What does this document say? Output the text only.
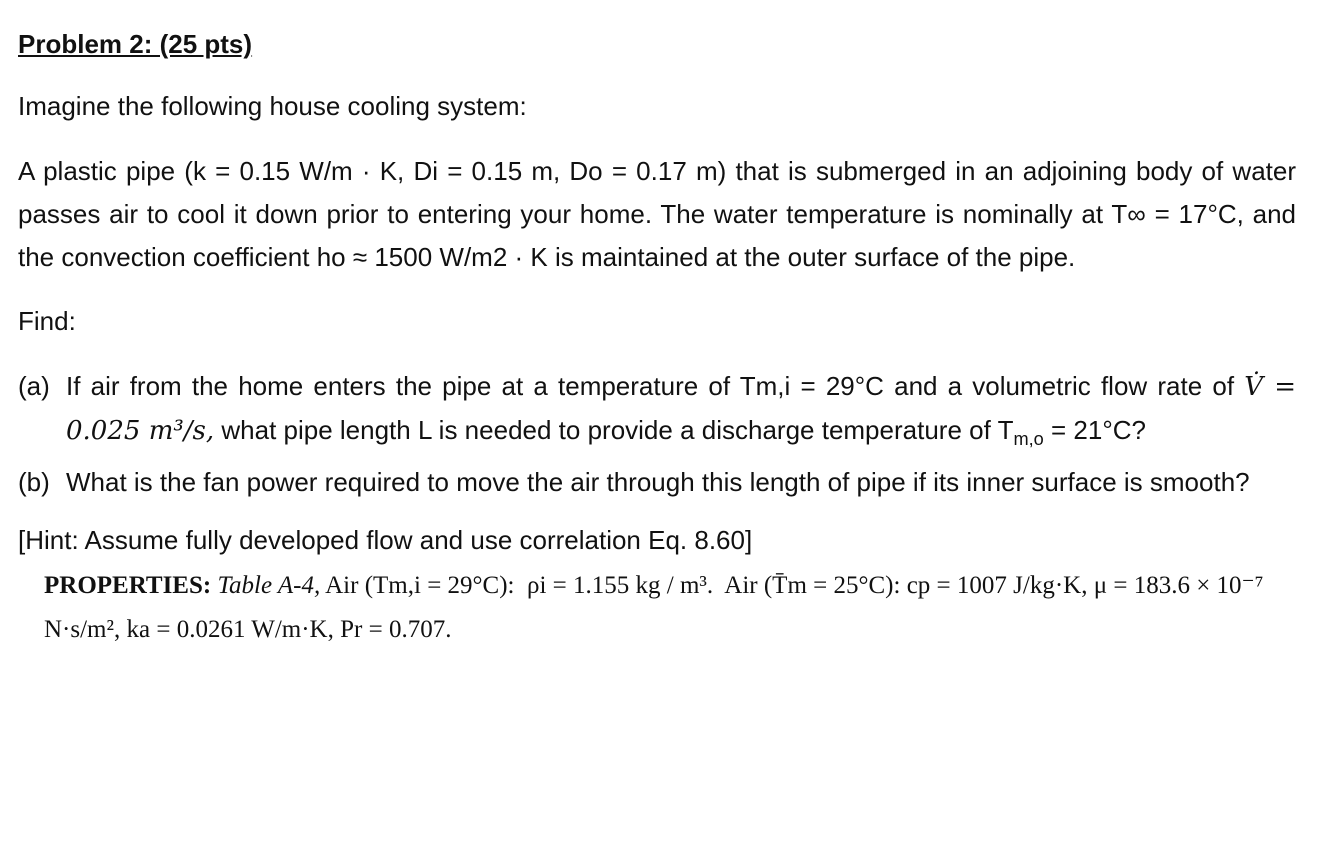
Problem 2: (25 pts)

Imagine the following house cooling system:

A plastic pipe (k = 0.15 W/m · K, Di = 0.15 m, Do = 0.17 m) that is submerged in an adjoining body of water passes air to cool it down prior to entering your home. The water temperature is nominally at T∞ = 17°C, and the convection coefficient ho ≈ 1500 W/m2 · K is maintained at the outer surface of the pipe.

Find:

(a) If air from the home enters the pipe at a temperature of Tm,i = 29°C and a volumetric flow rate of V̇ = 0.025 m³/s, what pipe length L is needed to provide a discharge temperature of $T_{m,o} = 21^\circ C$?
(b) What is the fan power required to move the air through this length of pipe if its inner surface is smooth?

[Hint: Assume fully developed flow and use correlation Eq. 8.60]

PROPERTIES: Table A-4, Air (Tm,i = 29°C): ρi = 1.155 kg / m³. Air (T̄m = 25°C): cp = 1007 J/kg·K, μ = 183.6 × 10⁻⁷ N·s/m², ka = 0.0261 W/m·K, Pr = 0.707.
